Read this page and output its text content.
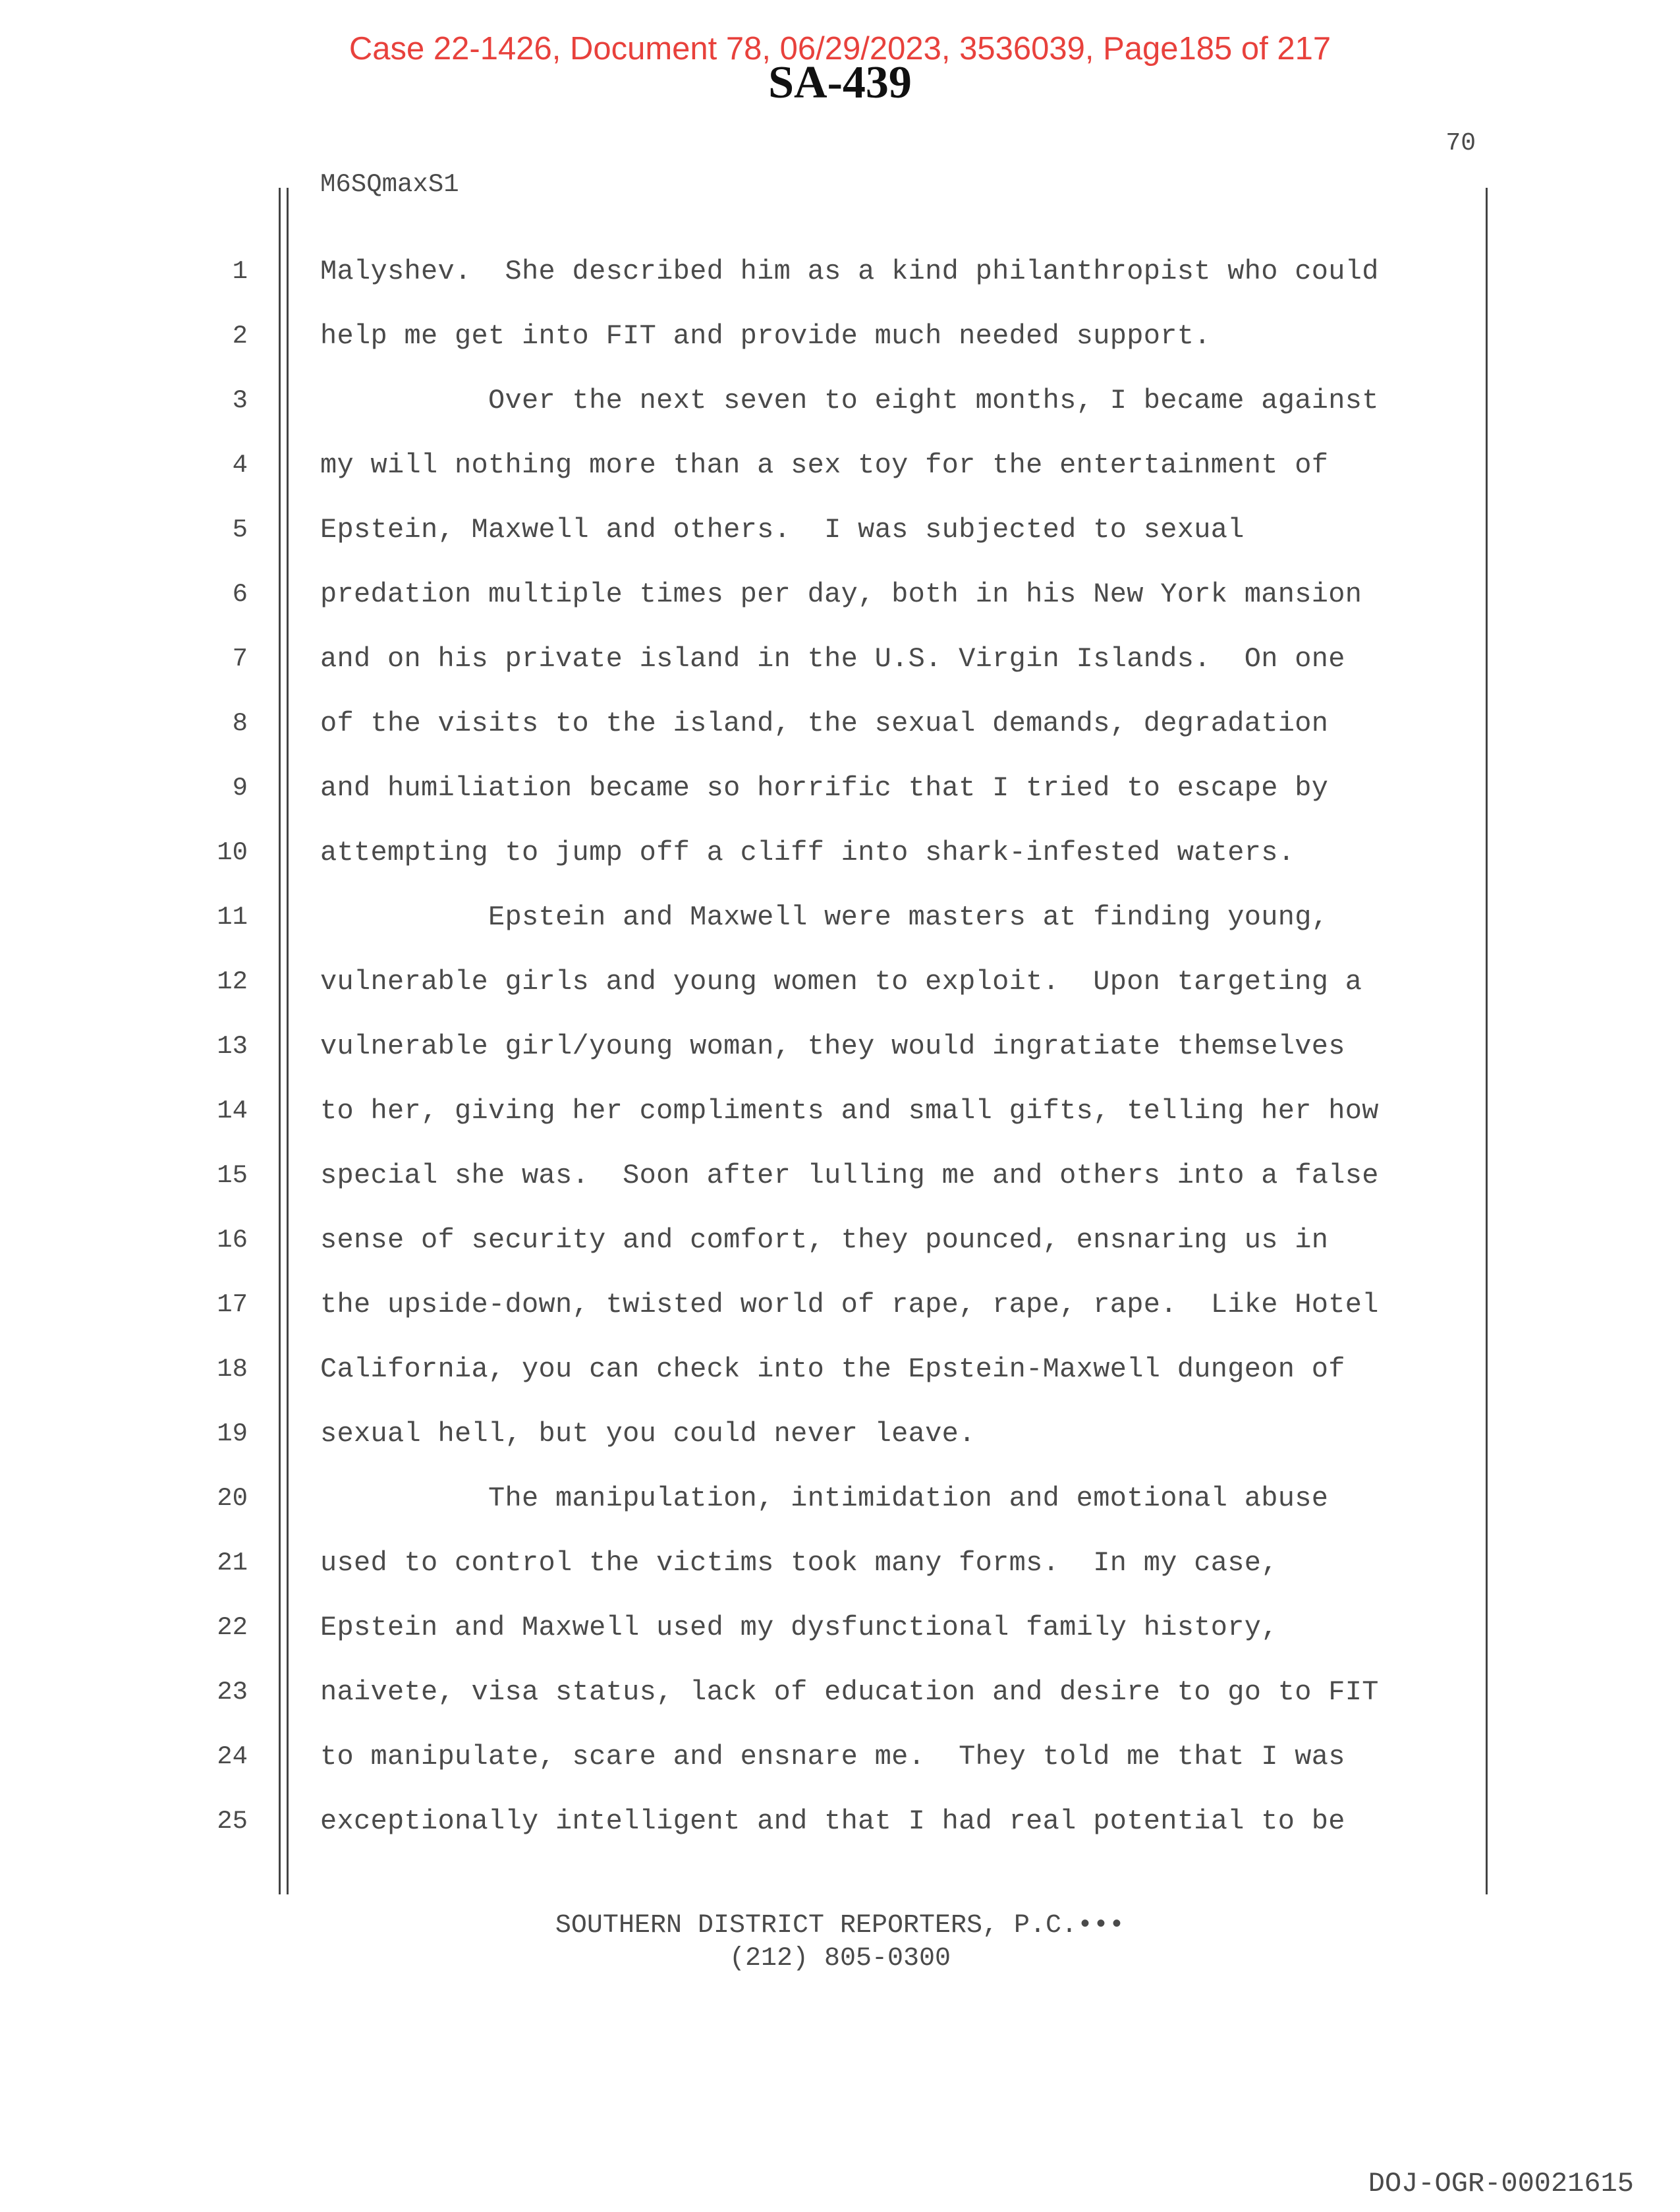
Case 22-1426, Document 78, 06/29/2023, 3536039, Page185 of 217
SA-439
70
M6SQmaxS1
1	Malyshev.  She described him as a kind philanthropist who could
2	help me get into FIT and provide much needed support.
3	Over the next seven to eight months, I became against
4	my will nothing more than a sex toy for the entertainment of
5	Epstein, Maxwell and others.  I was subjected to sexual
6	predation multiple times per day, both in his New York mansion
7	and on his private island in the U.S. Virgin Islands.  On one
8	of the visits to the island, the sexual demands, degradation
9	and humiliation became so horrific that I tried to escape by
10	attempting to jump off a cliff into shark-infested waters.
11	Epstein and Maxwell were masters at finding young,
12	vulnerable girls and young women to exploit.  Upon targeting a
13	vulnerable girl/young woman, they would ingratiate themselves
14	to her, giving her compliments and small gifts, telling her how
15	special she was.  Soon after lulling me and others into a false
16	sense of security and comfort, they pounced, ensnaring us in
17	the upside-down, twisted world of rape, rape, rape.  Like Hotel
18	California, you can check into the Epstein-Maxwell dungeon of
19	sexual hell, but you could never leave.
20	The manipulation, intimidation and emotional abuse
21	used to control the victims took many forms.  In my case,
22	Epstein and Maxwell used my dysfunctional family history,
23	naivete, visa status, lack of education and desire to go to FIT
24	to manipulate, scare and ensnare me.  They told me that I was
25	exceptionally intelligent and that I had real potential to be
SOUTHERN DISTRICT REPORTERS, P.C.•••
(212) 805-0300
DOJ-OGR-00021615
